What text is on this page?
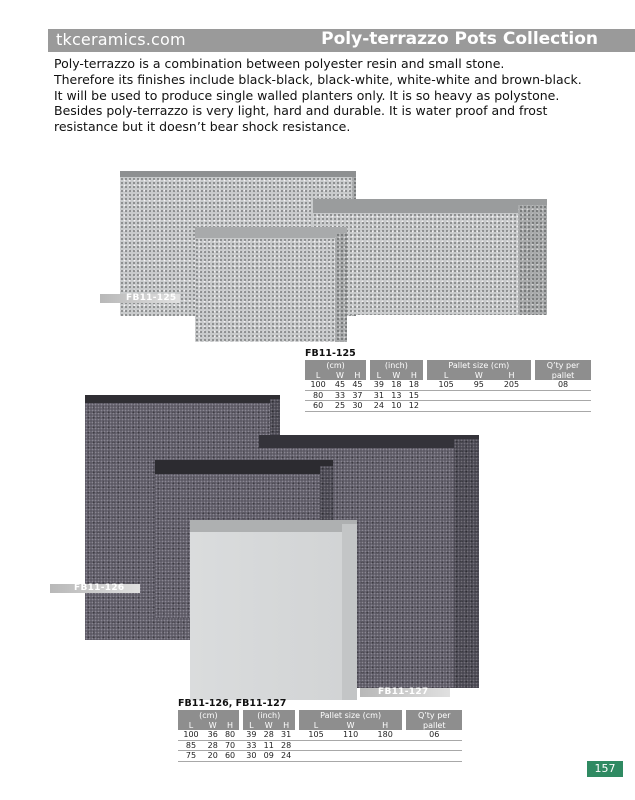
tkceramics.com	Poly-terrazzo Pots Collection

Poly-terrazzo is a combination between polyester resin and small stone.

Therefore its finishes include black-black, black-white, white-white and brown-black.

It will be used to produce single walled planters only. It is so heavy as polystone.

Besides poly-terrazzo is very light, hard and durable. It is water proof and frost

resistance but it doesn’t bear shock resistance.

FB11-125
FB11-125
(cm)				(inch)				Pallet size (cm)				Q’ty per
L	W	H		L	W	H		L	W	H		pallet
100	45	45		39	18	18		105	95	205		08
80	33	37		31	13	15						
60	25	30		24	10	12						
FB11-126
FB11-127
FB11-126, FB11-127
(cm)				(inch)				Pallet size (cm)				Q’ty per
L	W	H		L	W	H		L	W	H		pallet
100	36	80		39	28	31		105	110	180		06
85	28	70		33	11	28						
75	20	60		30	09	24						
157
